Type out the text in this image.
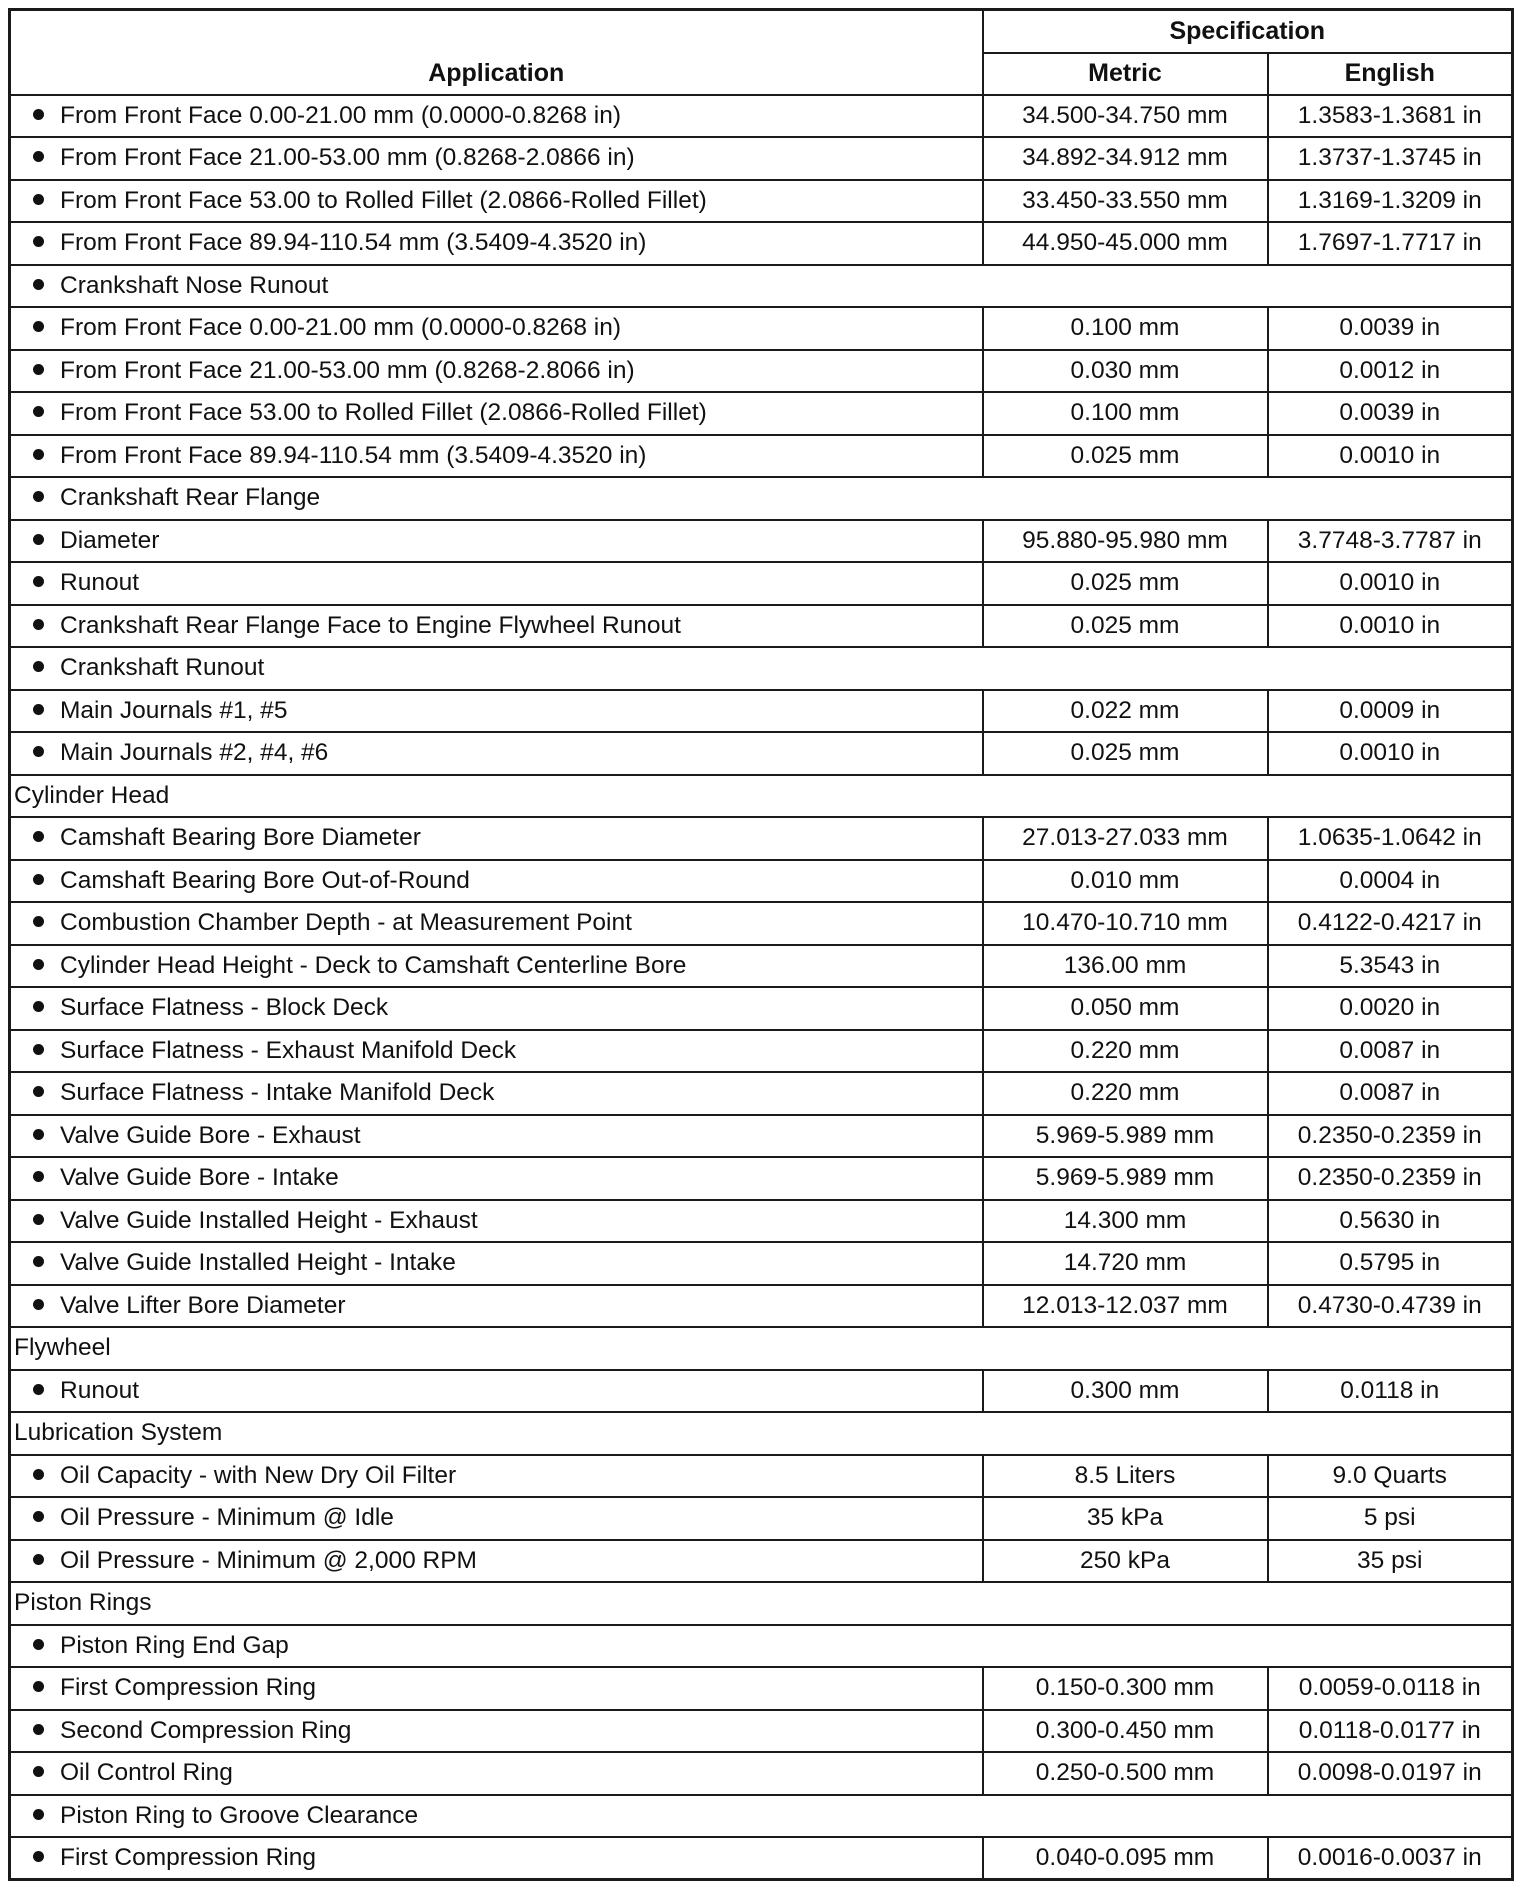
Application	Specification	
	Metric	English
From Front Face 0.00-21.00 mm (0.0000-0.8268 in)	34.500-34.750 mm	1.3583-1.3681 in
From Front Face 21.00-53.00 mm (0.8268-2.0866 in)	34.892-34.912 mm	1.3737-1.3745 in
From Front Face 53.00 to Rolled Fillet (2.0866-Rolled Fillet)	33.450-33.550 mm	1.3169-1.3209 in
From Front Face 89.94-110.54 mm (3.5409-4.3520 in)	44.950-45.000 mm	1.7697-1.7717 in
Crankshaft Nose Runout		
From Front Face 0.00-21.00 mm (0.0000-0.8268 in)	0.100 mm	0.0039 in
From Front Face 21.00-53.00 mm (0.8268-2.8066 in)	0.030 mm	0.0012 in
From Front Face 53.00 to Rolled Fillet (2.0866-Rolled Fillet)	0.100 mm	0.0039 in
From Front Face 89.94-110.54 mm (3.5409-4.3520 in)	0.025 mm	0.0010 in
Crankshaft Rear Flange		
Diameter	95.880-95.980 mm	3.7748-3.7787 in
Runout	0.025 mm	0.0010 in
Crankshaft Rear Flange Face to Engine Flywheel Runout	0.025 mm	0.0010 in
Crankshaft Runout		
Main Journals #1, #5	0.022 mm	0.0009 in
Main Journals #2, #4, #6	0.025 mm	0.0010 in
Cylinder Head		
Camshaft Bearing Bore Diameter	27.013-27.033 mm	1.0635-1.0642 in
Camshaft Bearing Bore Out-of-Round	0.010 mm	0.0004 in
Combustion Chamber Depth - at Measurement Point	10.470-10.710 mm	0.4122-0.4217 in
Cylinder Head Height - Deck to Camshaft Centerline Bore	136.00 mm	5.3543 in
Surface Flatness - Block Deck	0.050 mm	0.0020 in
Surface Flatness - Exhaust Manifold Deck	0.220 mm	0.0087 in
Surface Flatness - Intake Manifold Deck	0.220 mm	0.0087 in
Valve Guide Bore - Exhaust	5.969-5.989 mm	0.2350-0.2359 in
Valve Guide Bore - Intake	5.969-5.989 mm	0.2350-0.2359 in
Valve Guide Installed Height - Exhaust	14.300 mm	0.5630 in
Valve Guide Installed Height - Intake	14.720 mm	0.5795 in
Valve Lifter Bore Diameter	12.013-12.037 mm	0.4730-0.4739 in
Flywheel		
Runout	0.300 mm	0.0118 in
Lubrication System		
Oil Capacity - with New Dry Oil Filter	8.5 Liters	9.0 Quarts
Oil Pressure - Minimum @ Idle	35 kPa	5 psi
Oil Pressure - Minimum @ 2,000 RPM	250 kPa	35 psi
Piston Rings		
Piston Ring End Gap		
First Compression Ring	0.150-0.300 mm	0.0059-0.0118 in
Second Compression Ring	0.300-0.450 mm	0.0118-0.0177 in
Oil Control Ring	0.250-0.500 mm	0.0098-0.0197 in
Piston Ring to Groove Clearance		
First Compression Ring	0.040-0.095 mm	0.0016-0.0037 in
